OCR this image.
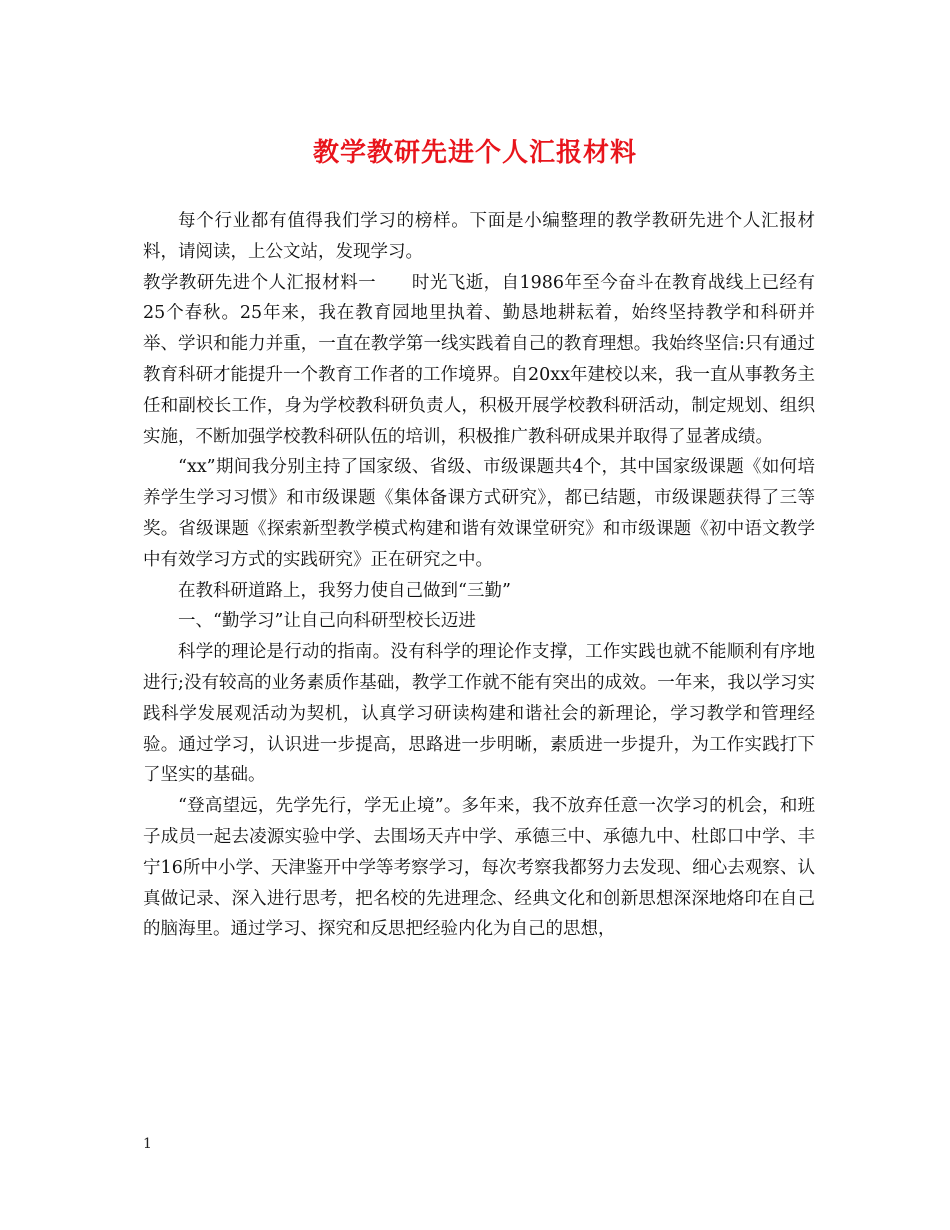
教学教研先进个人汇报材料

每个行业都有值得我们学习的榜样。下面是小编整理的教学教研先进个人汇报材料，请阅读，上公文站，发现学习。

教学教研先进个人汇报材料一　　时光飞逝，自1986年至今奋斗在教育战线上已经有25个春秋。25年来，我在教育园地里执着、勤恳地耕耘着，始终坚持教学和科研并举、学识和能力并重，一直在教学第一线实践着自己的教育理想。我始终坚信:只有通过教育科研才能提升一个教育工作者的工作境界。自20xx年建校以来，我一直从事教务主任和副校长工作，身为学校教科研负责人，积极开展学校教科研活动，制定规划、组织实施，不断加强学校教科研队伍的培训，积极推广教科研成果并取得了显著成绩。

“xx”期间我分别主持了国家级、省级、市级课题共4个，其中国家级课题《如何培养学生学习习惯》和市级课题《集体备课方式研究》，都已结题，市级课题获得了三等奖。省级课题《探索新型教学模式构建和谐有效课堂研究》和市级课题《初中语文教学中有效学习方式的实践研究》正在研究之中。

在教科研道路上，我努力使自己做到“三勤”

一、“勤学习”让自己向科研型校长迈进

科学的理论是行动的指南。没有科学的理论作支撑，工作实践也就不能顺利有序地进行;没有较高的业务素质作基础，教学工作就不能有突出的成效。一年来，我以学习实践科学发展观活动为契机，认真学习研读构建和谐社会的新理论，学习教学和管理经验。通过学习，认识进一步提高，思路进一步明晰，素质进一步提升，为工作实践打下了坚实的基础。

“登高望远，先学先行，学无止境”。多年来，我不放弃任意一次学习的机会，和班子成员一起去凌源实验中学、去围场天卉中学、承德三中、承德九中、杜郎口中学、丰宁16所中小学、天津鉴开中学等考察学习，每次考察我都努力去发现、细心去观察、认真做记录、深入进行思考，把名校的先进理念、经典文化和创新思想深深地烙印在自己的脑海里。通过学习、探究和反思把经验内化为自己的思想，

1
